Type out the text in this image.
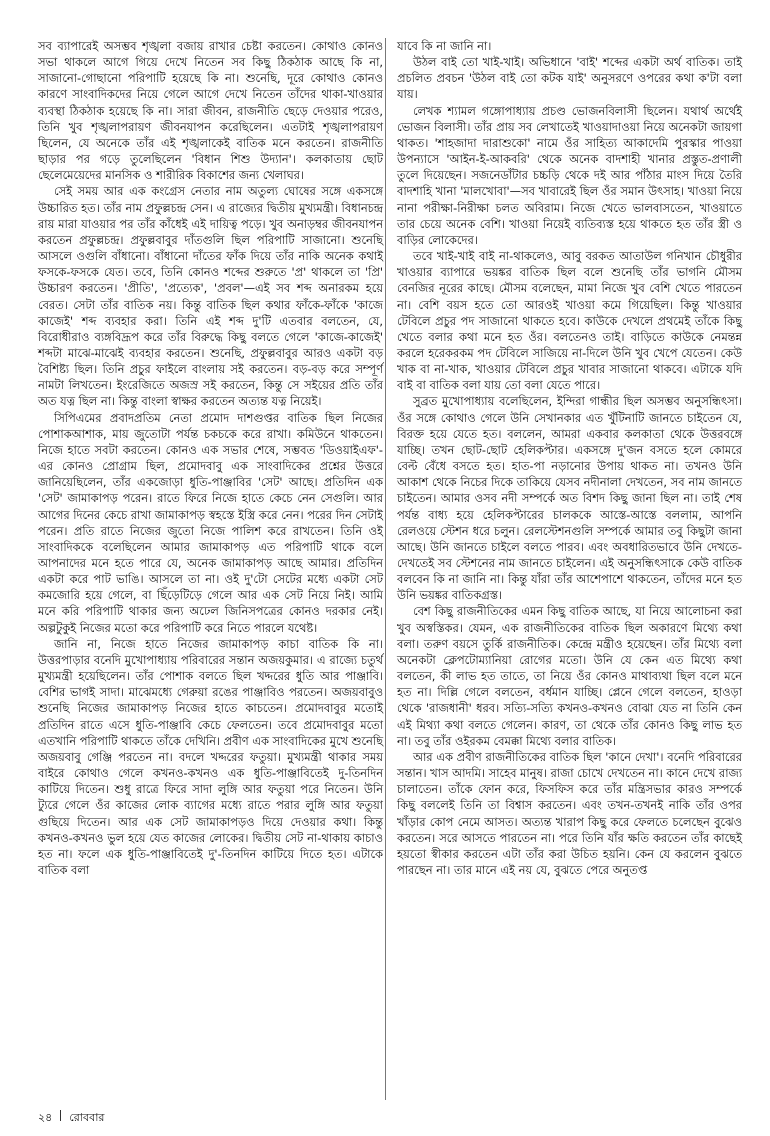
সব ব্যাপারেই অসম্ভব শৃঙ্খলা বজায় রাখার চেষ্টা করতেন। কোথাও কোনও সভা থাকলে আগে গিয়ে দেখে নিতেন সব কিছু ঠিকঠাক আছে কি না, সাজানো-গোছানো পরিপাটি হয়েছে কি না। শুনেছি, দূরে কোথাও কোনও কারণে সাংবাদিকদের নিয়ে গেলে আগে দেখে নিতেন তাঁদের থাকা-খাওয়ার ব্যবস্থা ঠিকঠাক হয়েছে কি না। সারা জীবন, রাজনীতি ছেড়ে দেওয়ার পরেও, তিনি খুব শৃঙ্খলাপরায়ণ জীবনযাপন করেছিলেন। এতটাই শৃঙ্খলাপরায়ণ ছিলেন, যে অনেকে তাঁর এই শৃঙ্খলাকেই বাতিক মনে করতেন। রাজনীতি ছাড়ার পর গড়ে তুলেছিলেন 'বিধান শিশু উদ্যান'। কলকাতায় ছোট ছেলেমেয়েদের মানসিক ও শারীরিক বিকাশের জন্য খেলাঘর।

সেই সময় আর এক কংগ্রেস নেতার নাম অতুল্য ঘোষের সঙ্গে একসঙ্গে উচ্চারিত হত। তাঁর নাম প্রফুল্লচন্দ্র সেন। এ রাজ্যের দ্বিতীয় মুখ্যমন্ত্রী। বিধানচন্দ্র রায় মারা যাওয়ার পর তাঁর কাঁধেই এই দায়িত্ব পড়ে। খুব অনাড়ম্বর জীবনযাপন করতেন প্রফুল্লচন্দ্র। প্রফুল্লবাবুর দাঁতগুলি ছিল পরিপাটি সাজানো। শুনেছি আসলে ওগুলি বাঁধানো। বাঁধানো দাঁতের ফাঁক দিয়ে তাঁর নাকি অনেক কথাই ফসকে-ফসকে যেত। তবে, তিনি কোনও শব্দের শুরুতে 'প্র' থাকলে তা 'প্রি' উচ্চারণ করতেন। 'প্রীতি', 'প্রত্যেক', 'প্রবল'—এই সব শব্দ অনারকম হয়ে বেরত। সেটা তাঁর বাতিক নয়। কিন্তু বাতিক ছিল কথার ফাঁকে-ফাঁকে 'কাজে কাজেই' শব্দ ব্যবহার করা। তিনি এই শব্দ দু'টি এতবার বলতেন, যে, বিরোধীরাও ব্যঙ্গবিদ্রূপ করে তাঁর বিরুদ্ধে কিছু বলতে গেলে 'কাজে-কাজেই' শব্দটা মাঝে-মাঝেই ব্যবহার করতেন। শুনেছি, প্রফুল্লবাবুর আরও একটা বড় বৈশিষ্ট্য ছিল। তিনি প্রচুর ফাইলে বাংলায় সই করতেন। বড়-বড় করে সম্পূর্ণ নামটা লিখতেন। ইংরেজিতে অজস্র সই করতেন, কিন্তু সে সইয়ের প্রতি তাঁর অত যত্ন ছিল না। কিন্তু বাংলা স্বাক্ষর করতেন অত্যন্ত যত্ন নিয়েই।

সিপিএমের প্রবাদপ্রতিম নেতা প্রমোদ দাশগুপ্তর বাতিক ছিল নিজের পোশাকআশাক, মায় জুতোটা পর্যন্ত চকচকে করে রাখা। কমিউনে থাকতেন। নিজে হাতে সবটা করতেন। কোনও এক সভার শেষে, সম্ভবত 'ডিওয়াইএফ'-এর কোনও প্রোগ্রাম ছিল, প্রমোদবাবু এক সাংবাদিকের প্রশ্নের উত্তরে জানিয়েছিলেন, তাঁর একজোড়া ধুতি-পাঞ্জাবির 'সেট' আছে। প্রতিদিন এক 'সেট' জামাকাপড় পরেন। রাতে ফিরে নিজে হাতে কেচে নেন সেগুলি। আর আগের দিনের কেচে রাখা জামাকাপড় স্বহস্তে ইস্ত্রি করে নেন। পরের দিন সেটাই পরেন। প্রতি রাতে নিজের জুতো নিজে পালিশ করে রাখতেন। তিনি ওই সাংবাদিককে বলেছিলেন আমার জামাকাপড় এত পরিপাটি থাকে বলে আপনাদের মনে হতে পারে যে, অনেক জামাকাপড় আছে আমার। প্রতিদিন একটা করে পাট ভাঙি। আসলে তা না। ওই দু'টো সেটের মধ্যে একটা সেট কমজোরি হয়ে গেলে, বা ছিঁড়েটিড়ে গেলে আর এক সেট নিয়ে নিই। আমি মনে করি পরিপাটি থাকার জন্য অঢেল জিনিসপত্রের কোনও দরকার নেই। অল্পটুকুই নিজের মতো করে পরিপাটি করে নিতে পারলে যথেষ্ট।

জানি না, নিজে হাতে নিজের জামাকাপড় কাচা বাতিক কি না। উত্তরপাড়ার বনেদি মুখোপাধ্যায় পরিবারের সন্তান অজয়কুমার। এ রাজ্যে চতুর্থ মুখ্যমন্ত্রী হয়েছিলেন। তাঁর পোশাক বলতে ছিল খদ্দরের ধুতি আর পাঞ্জাবি। বেশির ভাগই সাদা। মাঝেমধ্যে গেরুয়া রঙের পাঞ্জাবিও পরতেন। অজয়বাবুও শুনেছি নিজের জামাকাপড় নিজের হাতে কাচতেন। প্রমোদবাবুর মতোই প্রতিদিন রাতে এসে ধুতি-পাঞ্জাবি কেচে ফেলতেন। তবে প্রমোদবাবুর মতো এতখানি পরিপাটি থাকতে তাঁকে দেখিনি। প্রবীণ এক সাংবাদিকের মুখে শুনেছি অজয়বাবু গেঞ্জি পরতেন না। বদলে খদ্দরের ফতুয়া। মুখ্যমন্ত্রী থাকার সময় বাইরে কোথাও গেলে কখনও-কখনও এক ধুতি-পাঞ্জাবিতেই দু-তিনদিন কাটিয়ে দিতেন। শুধু রাত্রে ফিরে সাদা লুঙ্গি আর ফতুয়া পরে নিতেন। উনি ট্যুরে গেলে ওঁর কাজের লোক ব্যাগের মধ্যে রাতে পরার লুঙ্গি আর ফতুয়া গুছিয়ে দিতেন। আর এক সেট জামাকাপড়ও দিয়ে দেওয়ার কথা। কিন্তু কখনও-কখনও ভুল হয়ে যেত কাজের লোকের। দ্বিতীয় সেট না-থাকায় কাচাও হত না। ফলে এক ধুতি-পাঞ্জাবিতেই দু'-তিনদিন কাটিয়ে দিতে হত। এটাকে বাতিক বলা

যাবে কি না জানি না।

উঠল বাই তো খাই-খাই। অভিধানে 'বাই' শব্দের একটা অর্থ বাতিক। তাই প্রচলিত প্রবচন 'উঠল বাই তো কটক যাই' অনুসরণে ওপরের কথা ক'টা বলা যায়।

লেখক শ্যামল গঙ্গোপাধ্যায় প্রচণ্ড ভোজনবিলাসী ছিলেন। যথার্থ অর্থেই ভোজন বিলাসী। তাঁর প্রায় সব লেখাতেই খাওয়াদাওয়া নিয়ে অনেকটা জায়গা থাকত। 'শাহজাদা দারাশুকো' নামে ওঁর সাহিত্য আকাদেমি পুরস্কার পাওয়া উপন্যাসে 'আইন-ই-আকবরি' থেকে অনেক বাদশাহী খানার প্রস্তুত-প্রণালী তুলে দিয়েছেন। সজনেডাঁটার চচ্চড়ি থেকে দই আর পাঁঠার মাংস দিয়ে তৈরি বাদশাহি খানা 'মালখোবা'—সব খাবারেই ছিল ওঁর সমান উৎসাহ। খাওয়া নিয়ে নানা পরীক্ষা-নিরীক্ষা চলত অবিরাম। নিজে খেতে ভালবাসতেন, খাওয়াতে তার চেয়ে অনেক বেশি। খাওয়া নিয়েই ব্যতিব্যস্ত হয়ে থাকতে হত তাঁর স্ত্রী ও বাড়ির লোকেদের।

তবে খাই-খাই বাই না-থাকলেও, আবু বরকত আতাউল গনিখান চৌধুরীর খাওয়ার ব্যাপারে ভয়ঙ্কর বাতিক ছিল বলে শুনেছি তাঁর ভাগনি মৌসম বেনজির নূরের কাছে। মৌসম বলেছেন, মামা নিজে খুব বেশি খেতে পারতেন না। বেশি বয়স হতে তো আরওই খাওয়া কমে গিয়েছিল। কিন্তু খাওয়ার টেবিলে প্রচুর পদ সাজানো থাকতে হবে। কাউকে দেখলে প্রথমেই তাঁকে কিছু খেতে বলার কথা মনে হত ওঁর। বলতেনও তাই। বাড়িতে কাউকে নেমন্তন্ন করলে হরেকরকম পদ টেবিলে সাজিয়ে না-দিলে উনি খুব খেপে যেতেন। কেউ খাক বা না-খাক, খাওয়ার টেবিলে প্রচুর খাবার সাজানো থাকবে। এটাকে যদি বাই বা বাতিক বলা যায় তো বলা যেতে পারে।

সুব্রত মুখোপাধ্যায় বলেছিলেন, ইন্দিরা গান্ধীর ছিল অসম্ভব অনুসন্ধিৎসা। ওঁর সঙ্গে কোথাও গেলে উনি সেখানকার এত খুঁটিনাটি জানতে চাইতেন যে, বিরক্ত হয়ে যেতে হত। বললেন, আমরা একবার কলকাতা থেকে উত্তরবঙ্গে যাচ্ছি। তখন ছোট-ছোট হেলিকপ্টার। একসঙ্গে দু'জন বসতে হলে কোমরে বেল্ট বেঁধে বসতে হত। হাত-পা নড়ানোর উপায় থাকত না। তখনও উনি আকাশ থেকে নিচের দিকে তাকিয়ে যেসব নদীনালা দেখতেন, সব নাম জানতে চাইতেন। আমার ওসব নদী সম্পর্কে অত বিশদ কিছু জানা ছিল না। তাই শেষ পর্যন্ত বাধ্য হয়ে হেলিকপ্টারের চালককে আস্তে-আস্তে বললাম, আপনি রেলওয়ে স্টেশন ধরে চলুন। রেলস্টেশনগুলি সম্পর্কে আমার তবু কিছুটা জানা আছে। উনি জানতে চাইলে বলতে পারব। এবং অবধারিতভাবে উনি দেখতে-দেখতেই সব স্টেশনের নাম জানতে চাইলেন। এই অনুসন্ধিৎসাকে কেউ বাতিক বলবেন কি না জানি না। কিন্তু যাঁরা তাঁর আশেপাশে থাকতেন, তাঁদের মনে হত উনি ভয়ঙ্কর বাতিকগ্রস্ত।

বেশ কিছু রাজনীতিকের এমন কিছু বাতিক আছে, যা নিয়ে আলোচনা করা খুব অস্বস্তিকর। যেমন, এক রাজনীতিকের বাতিক ছিল অকারণে মিথ্যে কথা বলা। তরুণ বয়সে তুর্কি রাজনীতিক। কেন্দ্রে মন্ত্রীও হয়েছেন। তাঁর মিথ্যে বলা অনেকটা ক্লেপটোম্যানিয়া রোগের মতো। উনি যে কেন এত মিথ্যে কথা বলতেন, কী লাভ হত তাতে, তা নিয়ে ওঁর কোনও মাথাব্যথা ছিল বলে মনে হত না। দিল্লি গেলে বলতেন, বর্ধমান যাচ্ছি। প্লেনে গেলে বলতেন, হাওড়া থেকে 'রাজধানী' ধরব। সত্যি-সত্যি কখনও-কখনও বোঝা যেত না তিনি কেন এই মিথ্যা কথা বলতে গেলেন। কারণ, তা থেকে তাঁর কোনও কিছু লাভ হত না। তবু তাঁর ওইরকম বেমক্কা মিথ্যে বলার বাতিক।

আর এক প্রবীণ রাজনীতিকের বাতিক ছিল 'কানে দেখা'। বনেদি পরিবারের সন্তান। খাস আদমি। সাহেব মানুষ। রাজা চোখে দেখতেন না। কানে দেখে রাজ্য চালাতেন। তাঁকে ফোন করে, ফিসফিস করে তাঁর মন্ত্রিসভার কারও সম্পর্কে কিছু বললেই তিনি তা বিশ্বাস করতেন। এবং তখন-তখনই নাকি তাঁর ওপর খাঁড়ার কোপ নেমে আসত। অত্যন্ত খারাপ কিছু করে ফেলতে চলেছেন বুঝেও করতেন। সরে আসতে পারতেন না। পরে তিনি যাঁর ক্ষতি করতেন তাঁর কাছেই হয়তো স্বীকার করতেন এটা তাঁর করা উচিত হয়নি। কেন যে করলেন বুঝতে পারছেন না। তার মানে এই নয় যে, বুঝতে পেরে অনুতপ্ত

২৪ রোববার
